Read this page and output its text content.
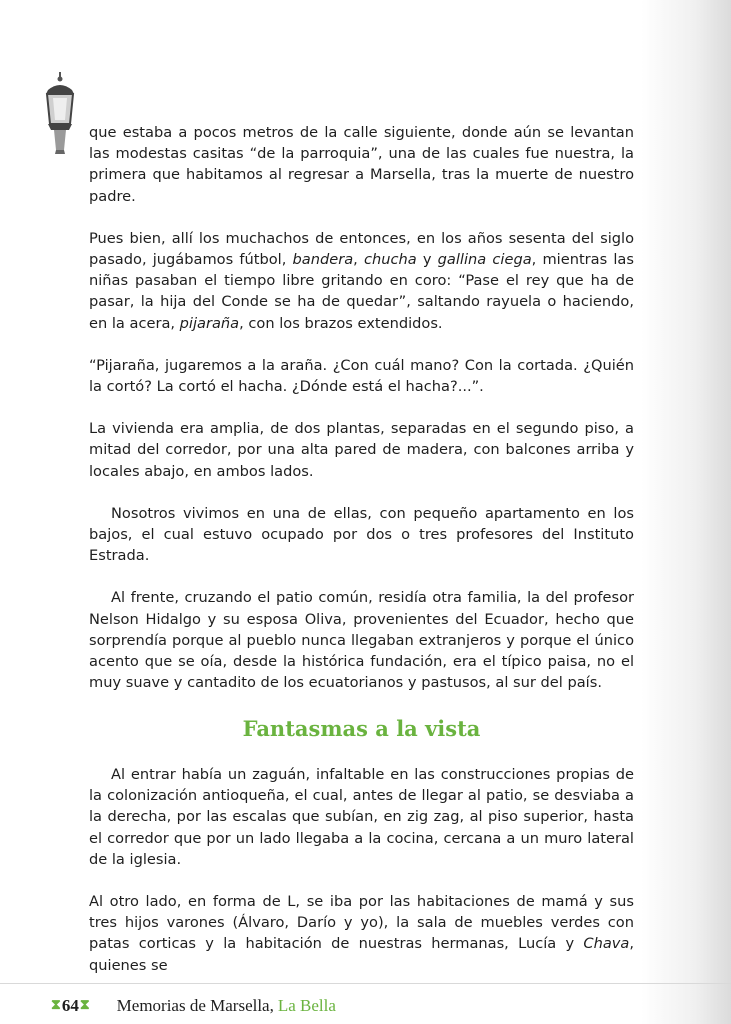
que estaba a pocos metros de la calle siguiente, donde aún se levantan las modestas casitas “de la parroquia”, una de las cuales fue nuestra, la primera que habitamos al regresar a Marsella, tras la muerte de nuestro padre.

Pues bien, allí los muchachos de entonces, en los años sesenta del siglo pasado, jugábamos fútbol, bandera, chucha y gallina ciega, mientras las niñas pasaban el tiempo libre gritando en coro: “Pase el rey que ha de pasar, la hija del Conde se ha de quedar”, saltando rayuela o haciendo, en la acera, pijaraña, con los brazos extendidos.

“Pijaraña, jugaremos a la araña. ¿Con cuál mano? Con la cortada. ¿Quién la cortó? La cortó el hacha. ¿Dónde está el hacha?...”.

La vivienda era amplia, de dos plantas, separadas en el segundo piso, a mitad del corredor, por una alta pared de madera, con balcones arriba y locales abajo, en ambos lados.

Nosotros vivimos en una de ellas, con pequeño apartamento en los bajos, el cual estuvo ocupado por dos o tres profesores del Instituto Estrada.

Al frente, cruzando el patio común, residía otra familia, la del profesor Nelson Hidalgo y su esposa Oliva, provenientes del Ecuador, hecho que sorprendía porque al pueblo nunca llegaban extranjeros y porque el único acento que se oía, desde la histórica fundación, era el típico paisa, no el muy suave y cantadito de los ecuatorianos y pastusos, al sur del país.

Fantasmas a la vista

Al entrar había un zaguán, infaltable en las construcciones propias de la colonización antioqueña, el cual, antes de llegar al patio, se desviaba a la derecha, por las escalas que subían, en zig zag, al piso superior, hasta el corredor que por un lado llegaba a la cocina, cercana a un muro lateral de la iglesia.

Al otro lado, en forma de L, se iba por las habitaciones de mamá y sus tres hijos varones (Álvaro, Darío y yo), la sala de muebles verdes con patas corticas y la habitación de nuestras hermanas, Lucía y Chava, quienes se

⧗ 64 ⧗ Memorias de Marsella, La Bella
